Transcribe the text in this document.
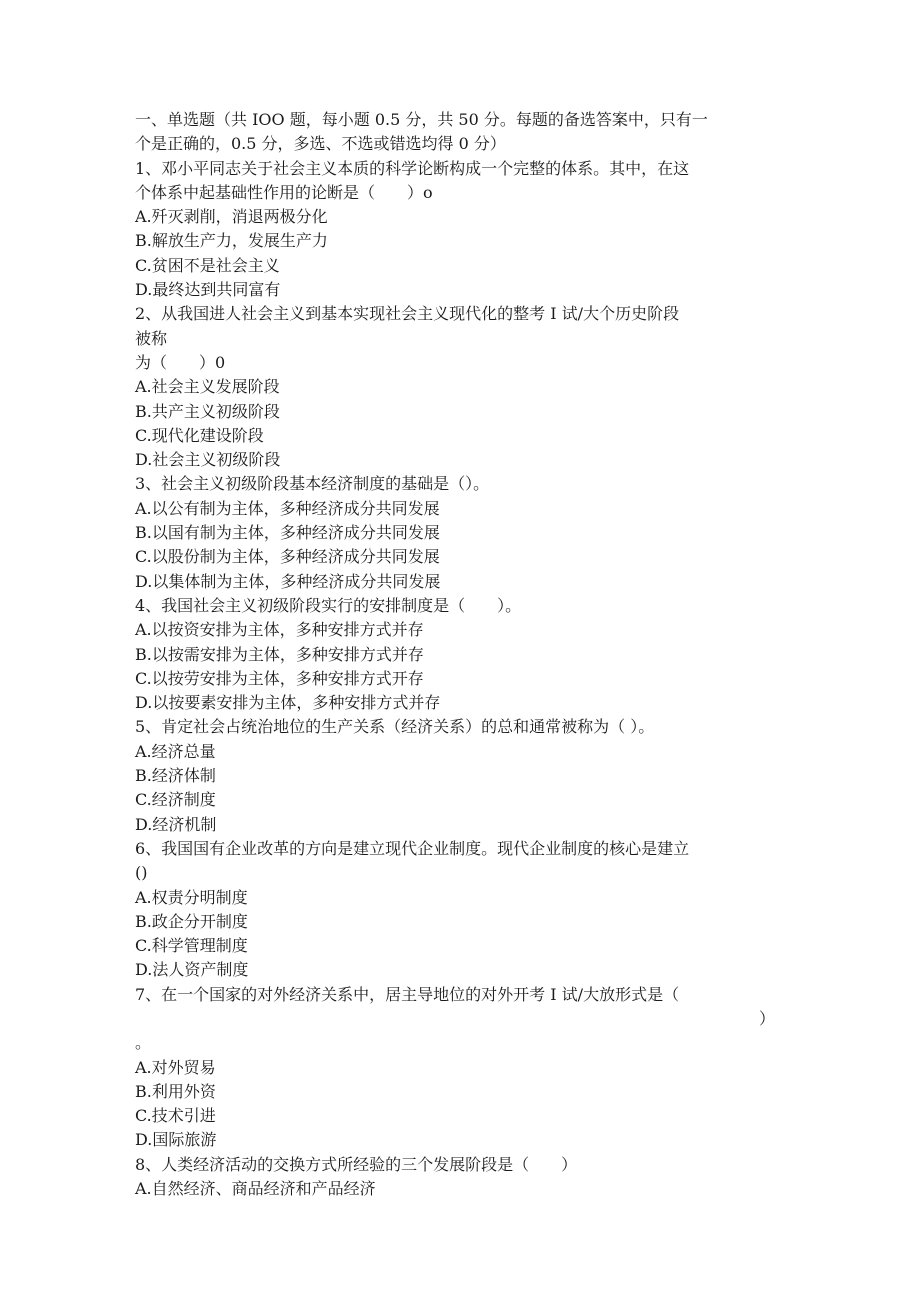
一、单选题（共 IOO 题，每小题 0.5 分，共 50 分。每题的备选答案中，只有一
个是正确的，0.5 分，多选、不选或错选均得 0 分）
1、邓小平同志关于社会主义本质的科学论断构成一个完整的体系。其中，在这
个体系中起基础性作用的论断是（　　）o
A.歼灭剥削，消退两极分化
B.解放生产力，发展生产力
C.贫困不是社会主义
D.最终达到共同富有
2、从我国进人社会主义到基本实现社会主义现代化的整考 I 试/大个历史阶段
被称
为（　　）0
A.社会主义发展阶段
B.共产主义初级阶段
C.现代化建设阶段
D.社会主义初级阶段
3、社会主义初级阶段基本经济制度的基础是（）。
A.以公有制为主体，多种经济成分共同发展
B.以国有制为主体，多种经济成分共同发展
C.以股份制为主体，多种经济成分共同发展
D.以集体制为主体，多种经济成分共同发展
4、我国社会主义初级阶段实行的安排制度是（　　）。
A.以按资安排为主体，多种安排方式并存
B.以按需安排为主体，多种安排方式并存
C.以按劳安排为主体，多种安排方式开存
D.以按要素安排为主体，多种安排方式并存
5、肯定社会占统治地位的生产关系（经济关系）的总和通常被称为（ ）。
A.经济总量
B.经济体制
C.经济制度
D.经济机制
6、我国国有企业改革的方向是建立现代企业制度。现代企业制度的核心是建立
()
A.权责分明制度
B.政企分开制度
C.科学管理制度
D.法人资产制度
7、在一个国家的对外经济关系中，居主导地位的对外开考 I 试/大放形式是（
）
。
A.对外贸易
B.利用外资
C.技术引进
D.国际旅游
8、人类经济活动的交换方式所经验的三个发展阶段是（　　）
A.自然经济、商品经济和产品经济
